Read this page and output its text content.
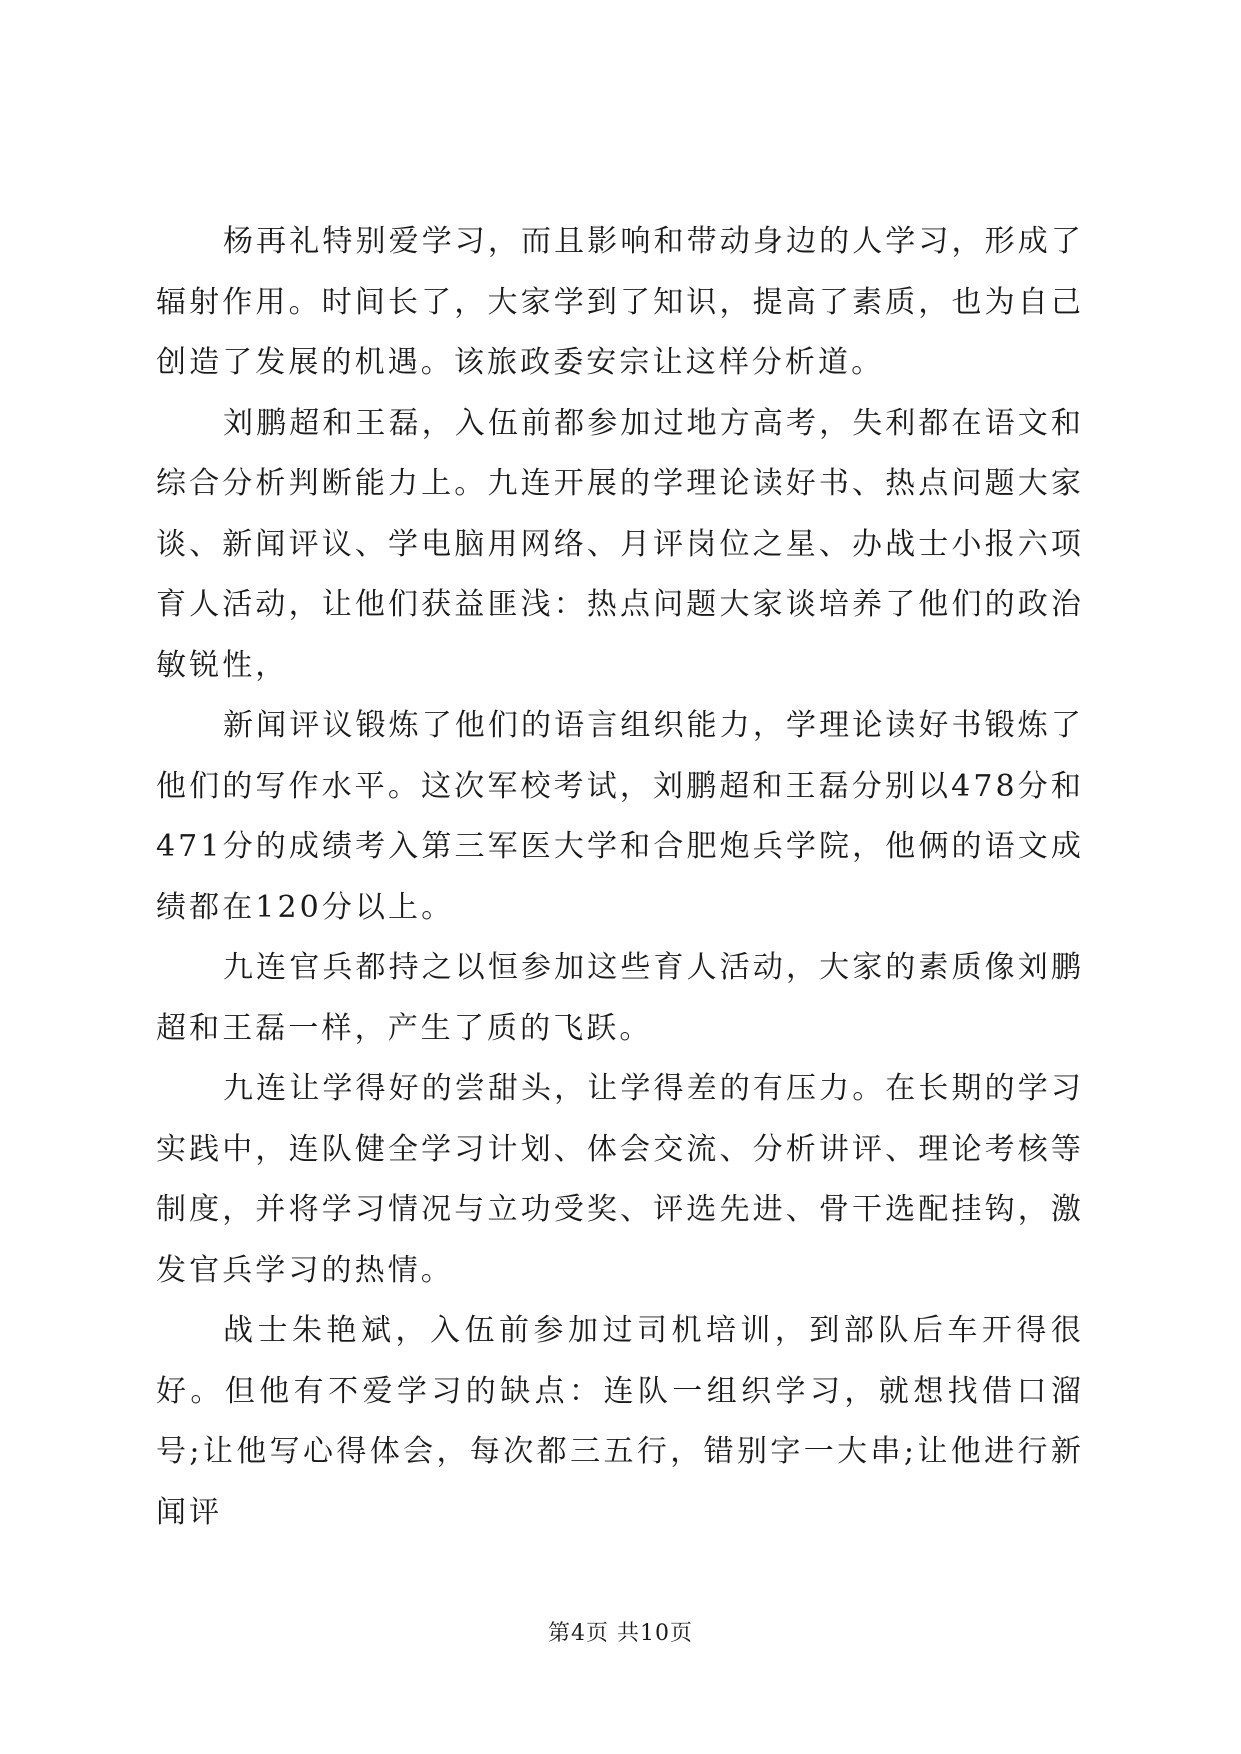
杨再礼特别爱学习，而且影响和带动身边的人学习，形成了辐射作用。时间长了，大家学到了知识，提高了素质，也为自己创造了发展的机遇。该旅政委安宗让这样分析道。

刘鹏超和王磊，入伍前都参加过地方高考，失利都在语文和综合分析判断能力上。九连开展的学理论读好书、热点问题大家谈、新闻评议、学电脑用网络、月评岗位之星、办战士小报六项育人活动，让他们获益匪浅：热点问题大家谈培养了他们的政治敏锐性，

新闻评议锻炼了他们的语言组织能力，学理论读好书锻炼了他们的写作水平。这次军校考试，刘鹏超和王磊分别以478分和471分的成绩考入第三军医大学和合肥炮兵学院，他俩的语文成绩都在120分以上。

九连官兵都持之以恒参加这些育人活动，大家的素质像刘鹏超和王磊一样，产生了质的飞跃。

九连让学得好的尝甜头，让学得差的有压力。在长期的学习实践中，连队健全学习计划、体会交流、分析讲评、理论考核等制度，并将学习情况与立功受奖、评选先进、骨干选配挂钩，激发官兵学习的热情。

战士朱艳斌，入伍前参加过司机培训，到部队后车开得很好。但他有不爱学习的缺点：连队一组织学习，就想找借口溜号;让他写心得体会，每次都三五行，错别字一大串;让他进行新闻评

第4页 共10页
